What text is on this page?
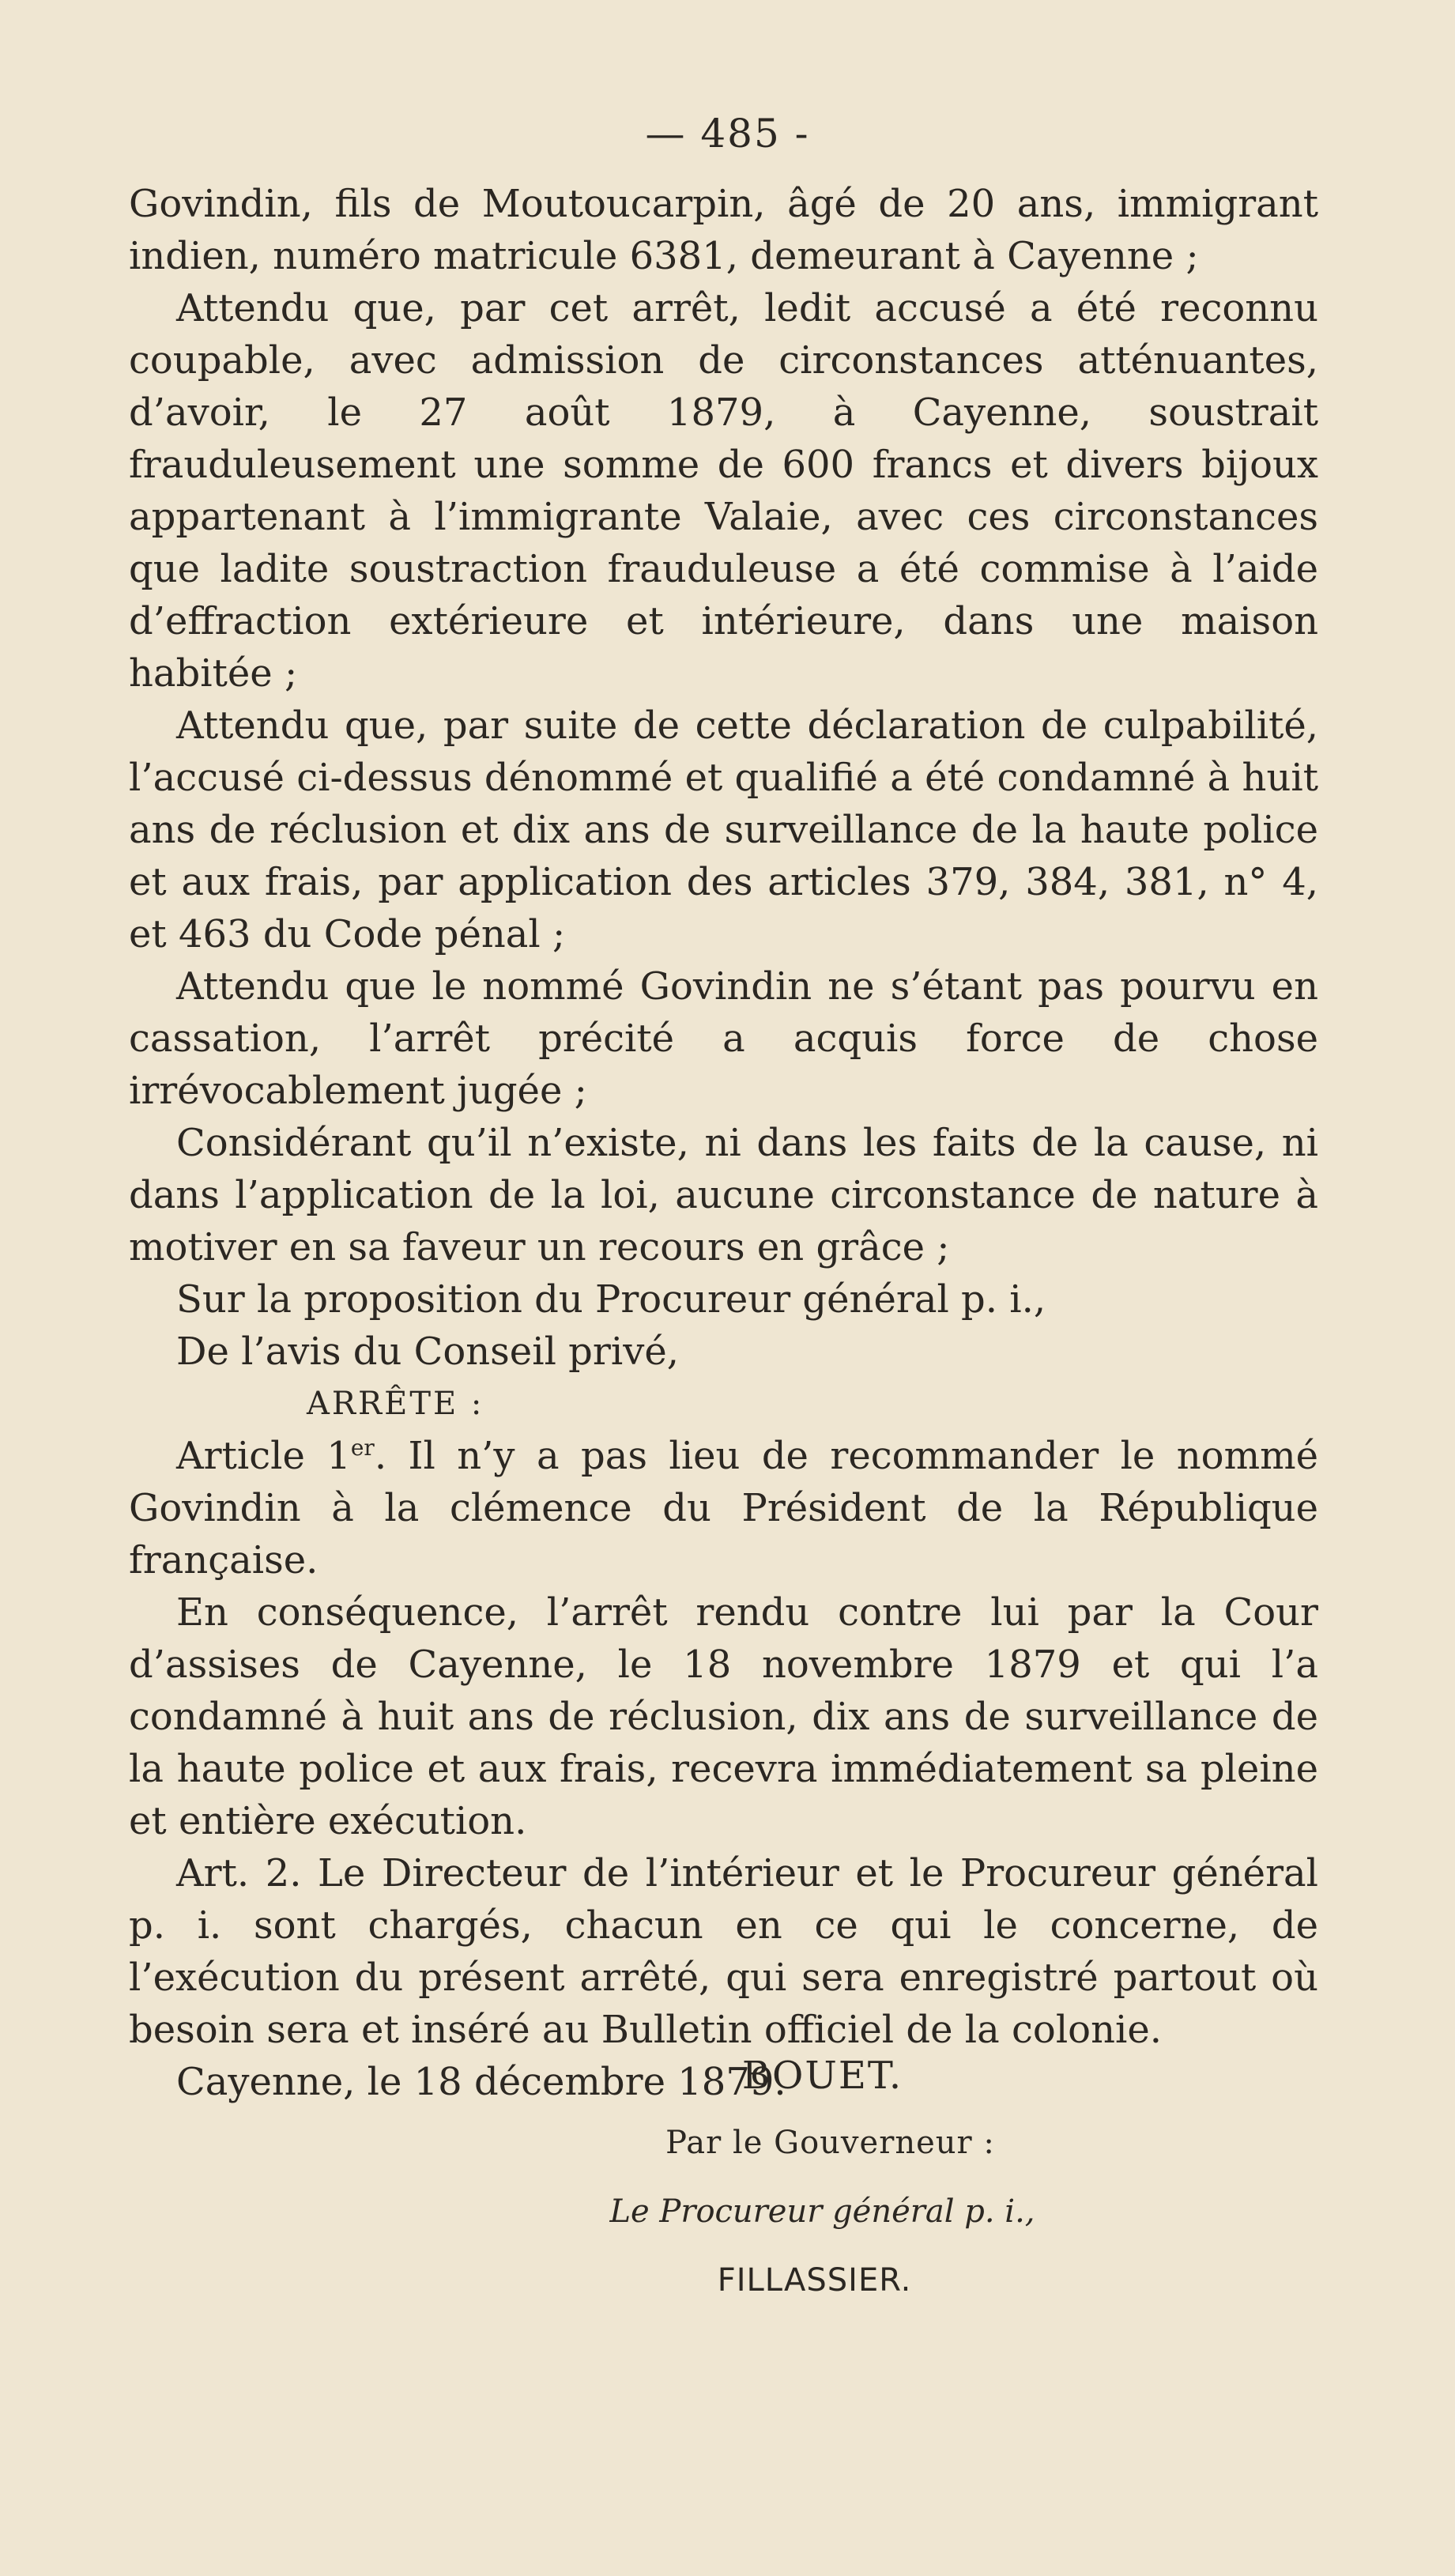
— 485 -

Govindin, fils de Moutoucarpin, âgé de 20 ans, immigrant indien, numéro matricule 6381, demeurant à Cayenne ;

Attendu que, par cet arrêt, ledit accusé a été reconnu coupable, avec admission de circonstances atténuantes, d’avoir, le 27 août 1879, à Cayenne, soustrait frauduleusement une somme de 600 francs et divers bijoux appartenant à l’immigrante Valaie, avec ces circonstances que ladite soustraction frauduleuse a été commise à l’aide d’effraction extérieure et intérieure, dans une maison habitée ;

Attendu que, par suite de cette déclaration de culpabilité, l’accusé ci-dessus dénommé et qualifié a été condamné à huit ans de réclusion et dix ans de surveillance de la haute police et aux frais, par application des articles 379, 384, 381, n° 4, et 463 du Code pénal ;

Attendu que le nommé Govindin ne s’étant pas pourvu en cassation, l’arrêt précité a acquis force de chose irrévocablement jugée ;

Considérant qu’il n’existe, ni dans les faits de la cause, ni dans l’application de la loi, aucune circonstance de nature à motiver en sa faveur un recours en grâce ;

Sur la proposition du Procureur général p. i.,

De l’avis du Conseil privé,

ARRÊTE :

Article 1er. Il n’y a pas lieu de recommander le nommé Govindin à la clémence du Président de la République française.

En conséquence, l’arrêt rendu contre lui par la Cour d’assises de Cayenne, le 18 novembre 1879 et qui l’a condamné à huit ans de réclusion, dix ans de surveillance de la haute police et aux frais, recevra immédiatement sa pleine et entière exécution.

Art. 2. Le Directeur de l’intérieur et le Procureur général p. i. sont chargés, chacun en ce qui le concerne, de l’exécution du présent arrêté, qui sera enregistré partout où besoin sera et inséré au Bulletin officiel de la colonie.

Cayenne, le 18 décembre 1879.

BOUET.
Par le Gouverneur :
Le Procureur général p. i.,
FILLASSIER.
